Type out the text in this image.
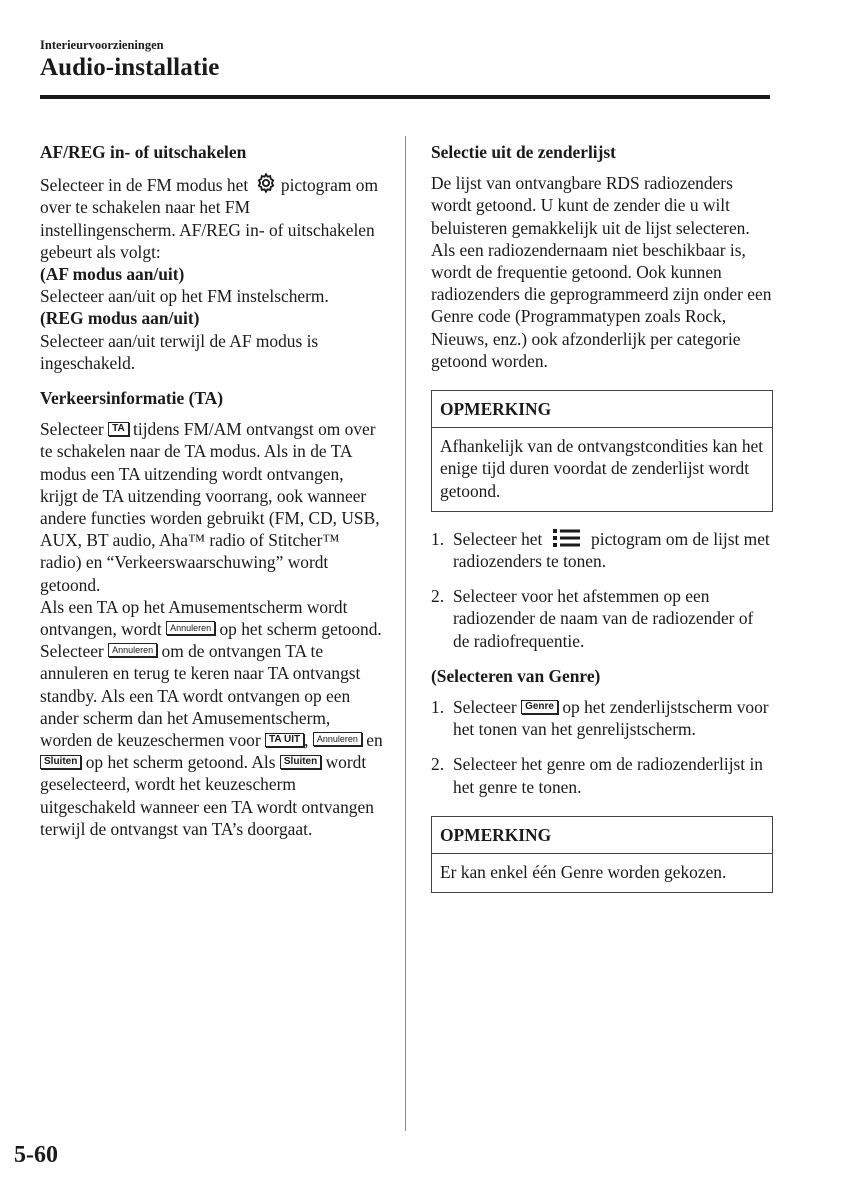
Interieurvoorzieningen
Audio-installatie

AF/REG in- of uitschakelen

Selecteer in de FM modus het pictogram om over te schakelen naar het FM instellingenscherm. AF/REG in- of uitschakelen gebeurt als volgt:

(AF modus aan/uit)

Selecteer aan/uit op het FM instelscherm.

(REG modus aan/uit)

Selecteer aan/uit terwijl de AF modus is ingeschakeld.

Verkeersinformatie (TA)

Selecteer TA tijdens FM/AM ontvangst om over te schakelen naar de TA modus. Als in de TA modus een TA uitzending wordt ontvangen, krijgt de TA uitzending voorrang, ook wanneer andere functies worden gebruikt (FM, CD, USB, AUX, BT audio, Aha™ radio of Stitcher™ radio) en “Verkeerswaarschuwing” wordt getoond.

Als een TA op het Amusementscherm wordt ontvangen, wordt Annuleren op het scherm getoond. Selecteer Annuleren om de ontvangen TA te annuleren en terug te keren naar TA ontvangst standby. Als een TA wordt ontvangen op een ander scherm dan het Amusementscherm, worden de keuzeschermen voor TA UIT , Annuleren en Sluiten op het scherm getoond. Als Sluiten wordt geselecteerd, wordt het keuzescherm uitgeschakeld wanneer een TA wordt ontvangen terwijl de ontvangst van TA’s doorgaat.

Selectie uit de zenderlijst

De lijst van ontvangbare RDS radiozenders wordt getoond. U kunt de zender die u wilt beluisteren gemakkelijk uit de lijst selecteren. Als een radiozendernaam niet beschikbaar is, wordt de frequentie getoond. Ook kunnen radiozenders die geprogrammeerd zijn onder een Genre code (Programmatypen zoals Rock, Nieuws, enz.) ook afzonderlijk per categorie getoond worden.

OPMERKING
Afhankelijk van de ontvangstcondities kan het enige tijd duren voordat de zenderlijst wordt getoond.
1. Selecteer het	pictogram om de lijst met radiozenders te tonen.
2. Selecteer voor het afstemmen op een radiozender de naam van de radiozender of de radiofrequentie.

(Selecteren van Genre)

1. Selecteer Genre op het zenderlijstscherm voor het tonen van het genrelijstscherm.
2. Selecteer het genre om de radiozenderlijst in het genre te tonen.
OPMERKING
Er kan enkel één Genre worden gekozen.
5-60
